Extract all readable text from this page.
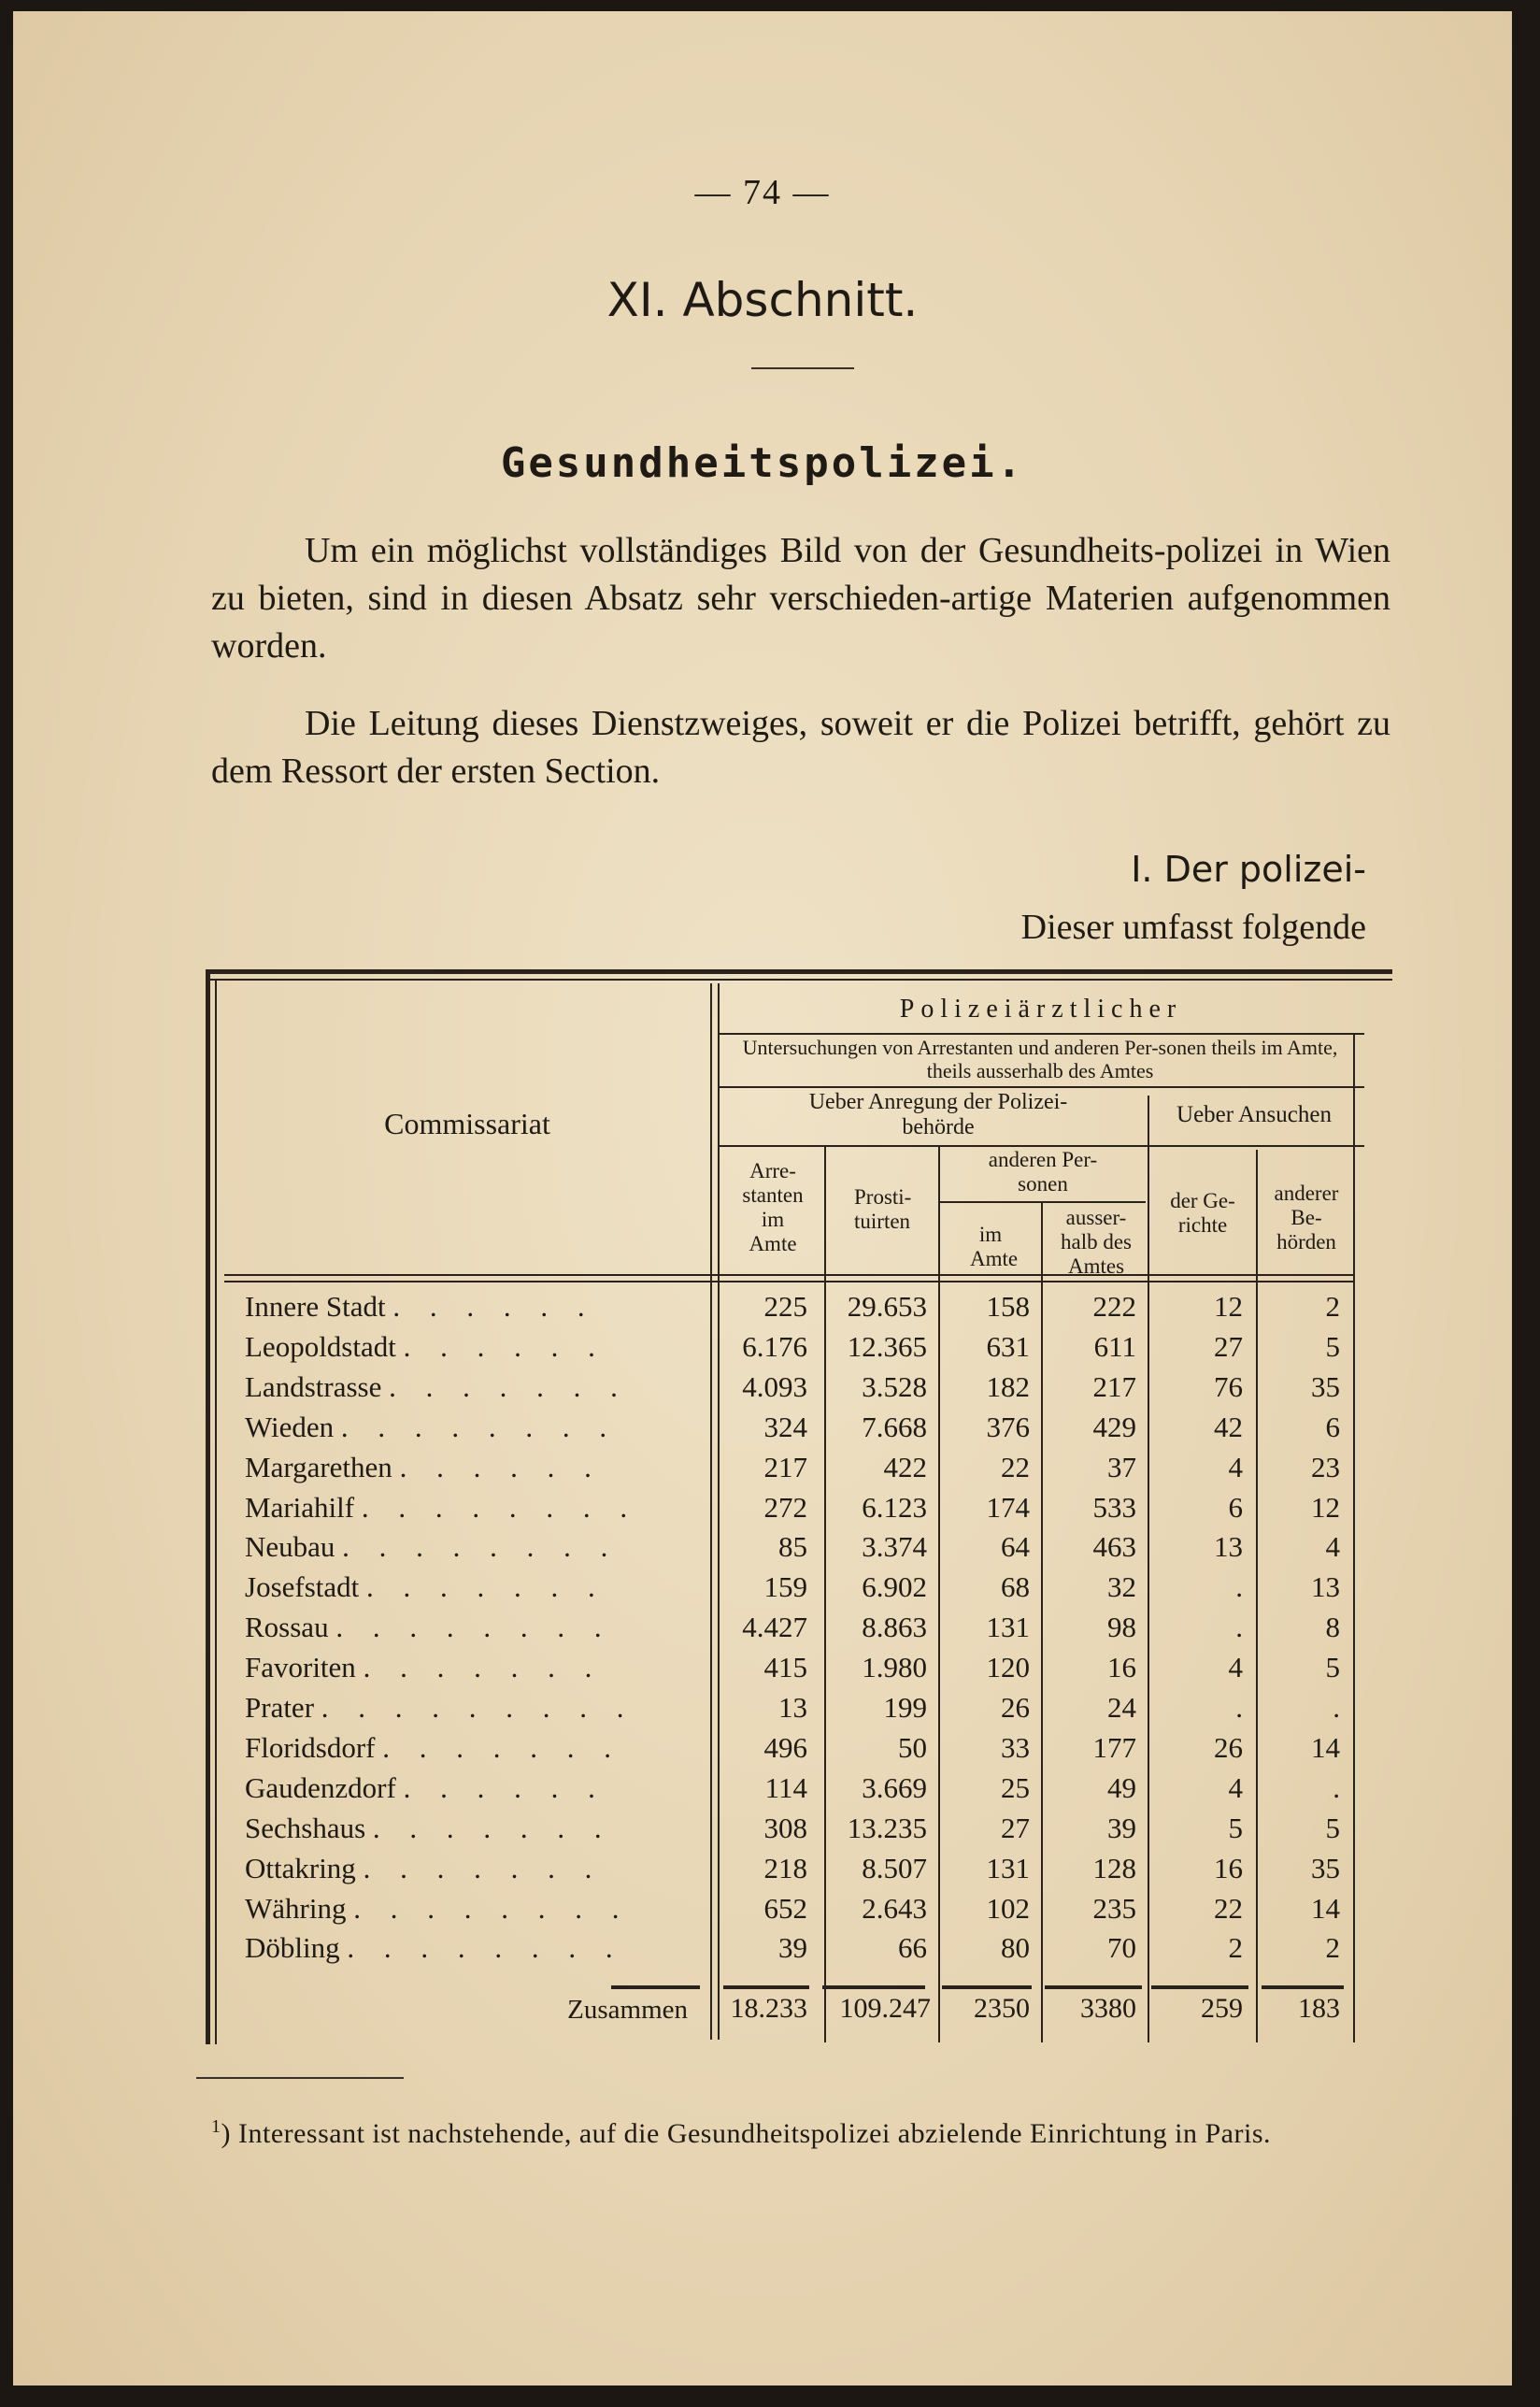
— 74 —
XI. Abschnitt.
Gesundheitspolizei.
Um ein möglichst vollständiges Bild von der Gesundheits-polizei in Wien zu bieten, sind in diesen Absatz sehr verschieden-artige Materien aufgenommen worden.
Die Leitung dieses Dienstzweiges, soweit er die Polizei betrifft, gehört zu dem Ressort der ersten Section.
I. Der polizei-
Dieser umfasst folgende
Commissariat
Polizeiärztlicher
Untersuchungen von Arrestanten und anderen Per-sonen theils im Amte, theils ausserhalb des Amtes
Ueber Anregung der Polizei-behörde	Ueber Ansuchen
anderen Per-sonen
Arre-stanten im Amte
Prosti-tuirten
im Amte
ausser-halb des Amtes
der Ge-richte
anderer Be-hörden
Innere Stadt . . . . . .	225	29.653	158	222	12	2
Leopoldstadt . . . . . .	6.176	12.365	631	611	27	5
Landstrasse . . . . . . .	4.093	3.528	182	217	76	35
Wieden . . . . . . . .	324	7.668	376	429	42	6
Margarethen . . . . . .	217	422	22	37	4	23
Mariahilf . . . . . . . .	272	6.123	174	533	6	12
Neubau . . . . . . . .	85	3.374	64	463	13	4
Josefstadt . . . . . . .	159	6.902	68	32	.	13
Rossau . . . . . . . .	4.427	8.863	131	98	.	8
Favoriten . . . . . . .	415	1.980	120	16	4	5
Prater . . . . . . . . .	13	199	26	24	.	.
Floridsdorf . . . . . . .	496	50	33	177	26	14
Gaudenzdorf . . . . . .	114	3.669	25	49	4	.
Sechshaus . . . . . . .	308	13.235	27	39	5	5
Ottakring . . . . . . .	218	8.507	131	128	16	35
Währing . . . . . . . .	652	2.643	102	235	22	14
Döbling . . . . . . . .	39	66	80	70	2	2
Zusammen	18.233	109.247	2350	3380	259	183
$^1$) Interessant ist nachstehende, auf die Gesundheitspolizei abzielende Einrichtung in Paris.
